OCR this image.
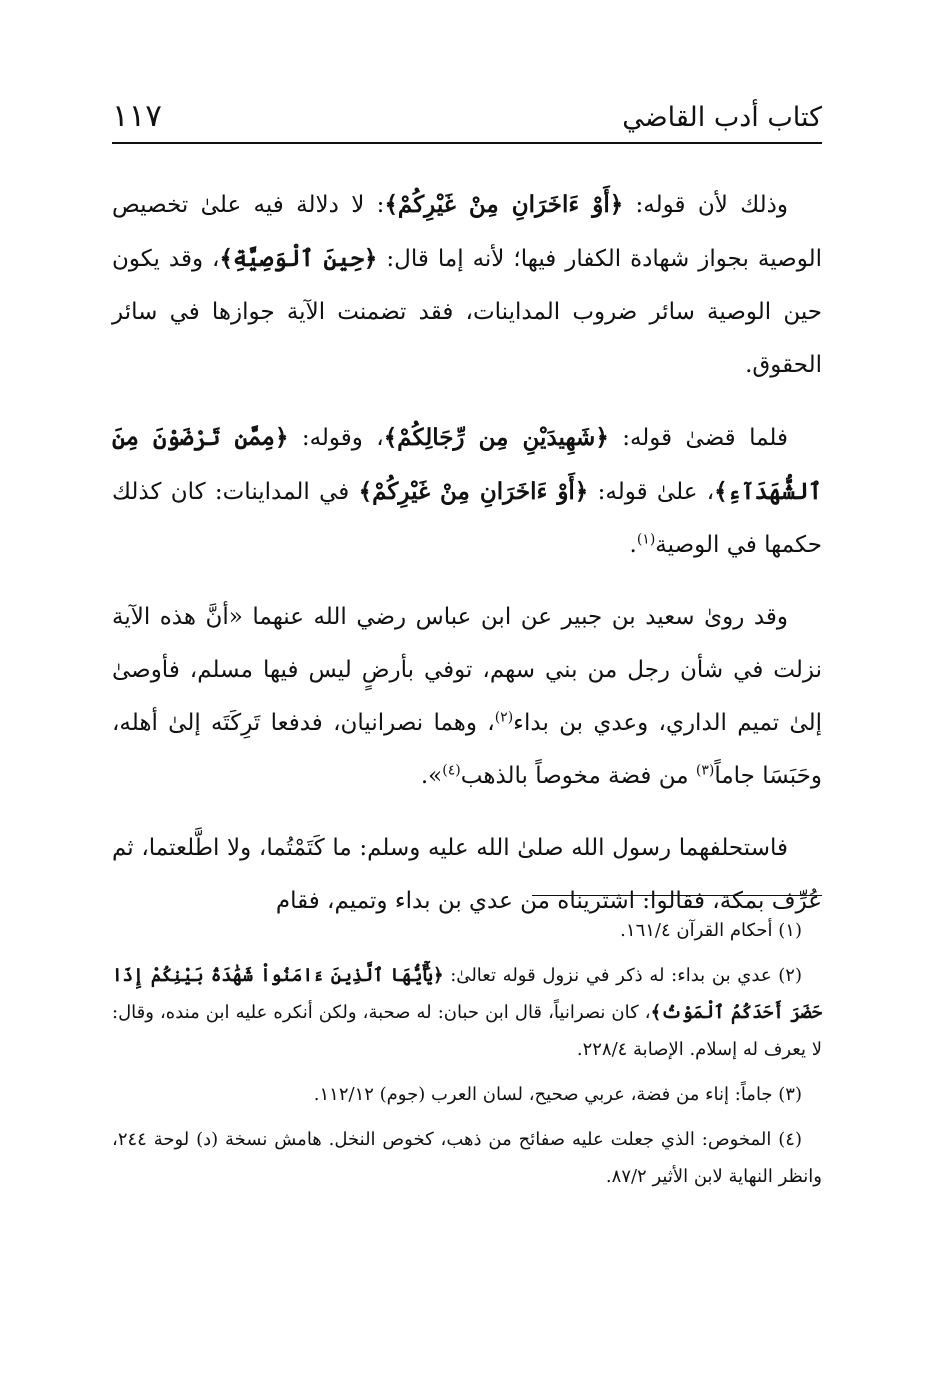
كتاب أدب القاضي
١١٧

وذلك لأن قوله: ﴿أَوْ ءَاخَرَانِ مِنْ غَيْرِكُمْ﴾: لا دلالة فيه علىٰ تخصيص الوصية بجواز شهادة الكفار فيها؛ لأنه إما قال: ﴿حِينَ ٱلْوَصِيَّةِ﴾، وقد يكون حين الوصية سائر ضروب المداينات، فقد تضمنت الآية جوازها في سائر الحقوق.

فلما قضىٰ قوله: ﴿شَهِيدَيْنِ مِن رِّجَالِكُمْ﴾، وقوله: ﴿مِمَّن تَرْضَوْنَ مِنَ ٱلشُّهَدَآءِ﴾، علىٰ قوله: ﴿أَوْ ءَاخَرَانِ مِنْ غَيْرِكُمْ﴾ في المداينات: كان كذلك حكمها في الوصية$^{(١)}$.

وقد روىٰ سعيد بن جبير عن ابن عباس رضي الله عنهما «أنَّ هذه الآية نزلت في شأن رجل من بني سهم، توفي بأرضٍ ليس فيها مسلم، فأوصىٰ إلىٰ تميم الداري، وعدي بن بداء$^{(٢)}$، وهما نصرانيان، فدفعا تَرِكَتَه إلىٰ أهله، وحَبَسَا جاماً$^{(٣)}$ من فضة مخوصاً بالذهب$^{(٤)}$».

فاستحلفهما رسول الله صلىٰ الله عليه وسلم: ما كَتَمْتُما، ولا اطَّلعتما، ثم عُرِّف بمكة، فقالوا: اشتريناه من عدي بن بداء وتميم، فقام

(١) أحكام القرآن ١٦١/٤.

(٢) عدي بن بداء: له ذكر في نزول قوله تعالىٰ: ﴿يَٰٓأَيُّهَا ٱلَّذِينَ ءَامَنُواْ شَهَٰدَةُ بَيْنِكُمْ إِذَا حَضَرَ أَحَدَكُمُ ٱلْمَوْتُ﴾، كان نصرانياً، قال ابن حبان: له صحبة، ولكن أنكره عليه ابن منده، وقال: لا يعرف له إسلام. الإصابة ٢٢٨/٤.

(٣) جاماً: إناء من فضة، عربي صحيح، لسان العرب (جوم) ١١٢/١٢.

(٤) المخوص: الذي جعلت عليه صفائح من ذهب، كخوص النخل. هامش نسخة (د) لوحة ٢٤٤، وانظر النهاية لابن الأثير ٨٧/٢.
